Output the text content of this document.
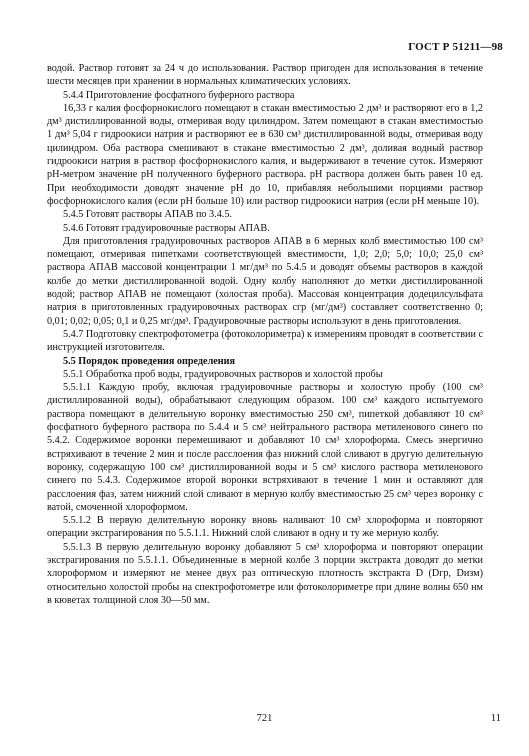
ГОСТ Р 51211—98

водой. Раствор готовят за 24 ч до использования. Раствор пригоден для использования в течение шести месяцев при хранении в нормальных климатических условиях.

5.4.4 Приготовление фосфатного буферного раствора

16,33 г калия фосфорнокислого помещают в стакан вместимостью 2 дм³ и растворяют его в 1,2 дм³ дистиллированной воды, отмеривая воду цилиндром. Затем помещают в стакан вместимостью 1 дм³ 5,04 г гидроокиси натрия и растворяют ее в 630 см³ дистиллированной воды, отмеривая воду цилиндром. Оба раствора смешивают в стакане вместимостью 2 дм³, доливая водный раствор гидроокиси натрия в раствор фосфорнокислого калия, и выдерживают в течение суток. Измеряют рН-метром значение рН полученного буферного раствора. рН раствора должен быть равен 10 ед. При необходимости доводят значение рН до 10, прибавляя небольшими порциями раствор фосфорнокислого калия (если рН больше 10) или раствор гидроокиси натрия (если рН меньше 10).

5.4.5 Готовят растворы АПАВ по 3.4.5.

5.4.6 Готовят градуировочные растворы АПАВ.

Для приготовления градуировочных растворов АПАВ в 6 мерных колб вместимостью 100 см³ помещают, отмеривая пипетками соответствующей вместимости, 1,0; 2,0; 5,0; 10,0; 25,0 см³ раствора АПАВ массовой концентрации 1 мг/дм³ по 5.4.5 и доводят объемы растворов в каждой колбе до метки дистиллированной водой. Одну колбу наполняют до метки дистиллированной водой; раствор АПАВ не помещают (холостая проба). Массовая концентрация додецилсульфата натрия в приготовленных градуировочных растворах cгр (мг/дм³) составляет соответственно 0; 0,01; 0,02; 0,05; 0,1 и 0,25 мг/дм³. Градуировочные растворы используют в день приготовления.

5.4.7 Подготовку спектрофотометра (фотоколориметра) к измерениям проводят в соответствии с инструкцией изготовителя.

5.5 Порядок проведения определения

5.5.1 Обработка проб воды, градуировочных растворов и холостой пробы

5.5.1.1 Каждую пробу, включая градуировочные растворы и холостую пробу (100 см³ дистиллированной воды), обрабатывают следующим образом. 100 см³ каждого испытуемого раствора помещают в делительную воронку вместимостью 250 см³, пипеткой добавляют 10 см³ фосфатного буферного раствора по 5.4.4 и 5 см³ нейтрального раствора метиленового синего по 5.4.2. Содержимое воронки перемешивают и добавляют 10 см³ хлороформа. Смесь энергично встряхивают в течение 2 мин и после расслоения фаз нижний слой сливают в другую делительную воронку, содержащую 100 см³ дистиллированной воды и 5 см³ кислого раствора метиленового синего по 5.4.3. Содержимое второй воронки встряхивают в течение 1 мин и оставляют для расслоения фаз, затем нижний слой сливают в мерную колбу вместимостью 25 см³ через воронку с ватой, смоченной хлороформом.

5.5.1.2 В первую делительную воронку вновь наливают 10 см³ хлороформа и повторяют операции экстрагирования по 5.5.1.1. Нижний слой сливают в одну и ту же мерную колбу.

5.5.1.3 В первую делительную воронку добавляют 5 см³ хлороформа и повторяют операции экстрагирования по 5.5.1.1. Объединенные в мерной колбе 3 порции экстракта доводят до метки хлороформом и измеряют не менее двух раз оптическую плотность экстракта D (Dгр, Dизм) относительно холостой пробы на спектрофотометре или фотоколориметре при длине волны 650 нм в кюветах толщиной слоя 30—50 мм.

721	11
